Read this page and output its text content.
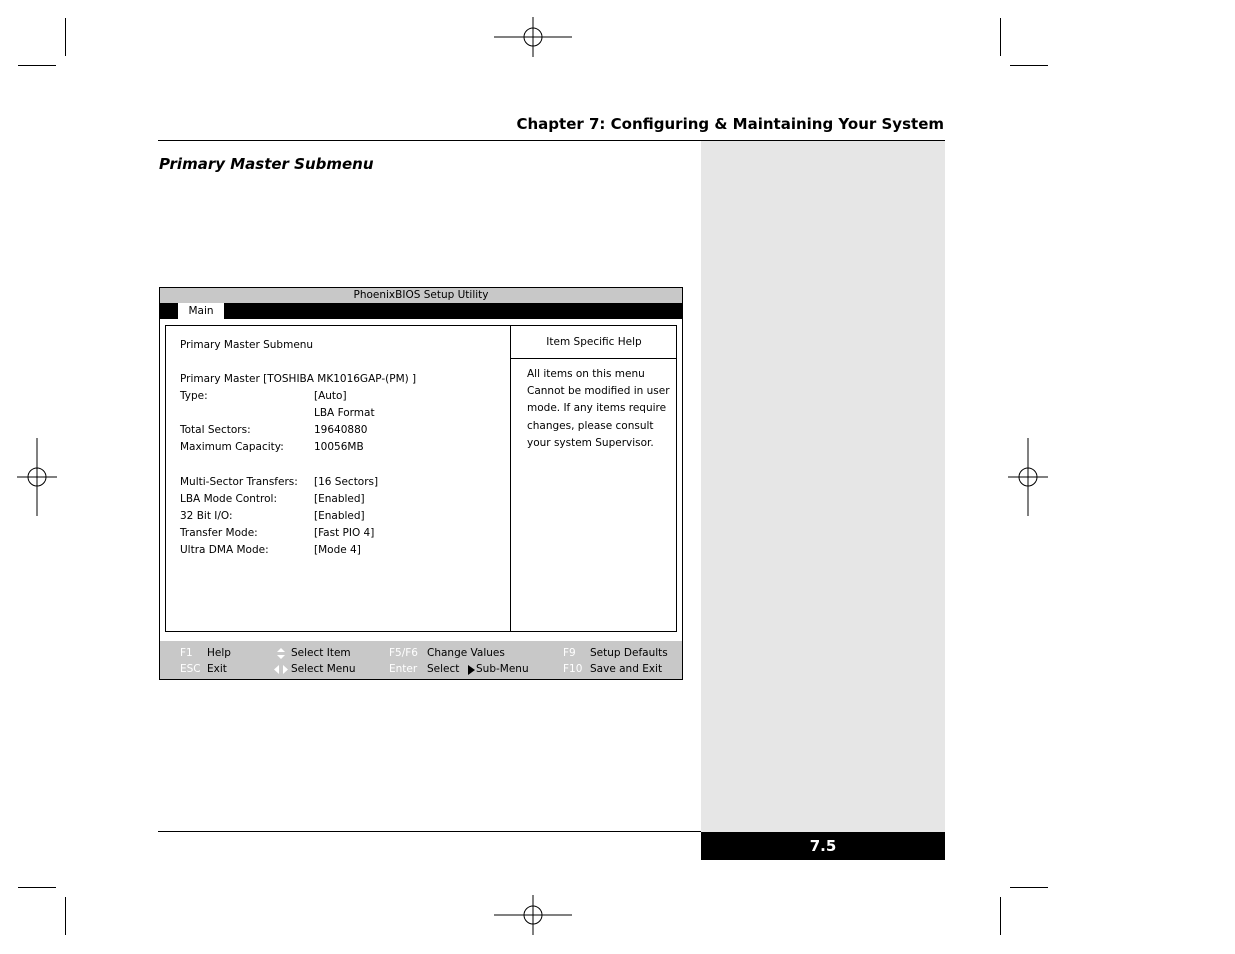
Chapter 7: Configuring & Maintaining Your System
Primary Master Submenu
7.5
PhoenixBIOS Setup Utility
Main
Primary Master Submenu
Primary Master [TOSHIBA MK1016GAP-(PM) ]
Type:	[Auto]
LBA Format
Total Sectors:	19640880
Maximum Capacity:	10056MB
Multi-Sector Transfers: [16 Sectors]
LBA Mode Control:	[Enabled]
32 Bit I/O:	[Enabled]
Transfer Mode:	[Fast PIO 4]
Ultra DMA Mode:	[Mode 4]
Item Specific Help
All items on this menu
Cannot be modified in user
mode. If any items require
changes, please consult
your system Supervisor.
F1 Help	Select Item	F5/F6 Change Values	F9 Setup Defaults
ESC Exit	Select Menu	Enter Select Sub-Menu	F10 Save and Exit
